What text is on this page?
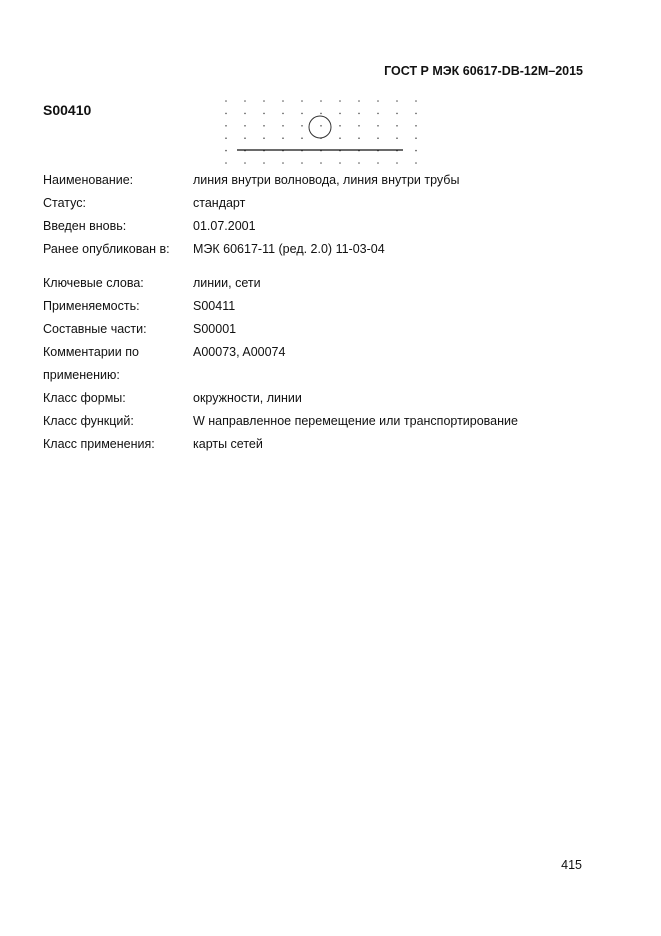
ГОСТ Р МЭК 60617-DB-12M–2015
S00410
Наименование:	линия внутри волновода, линия внутри трубы
Статус:	стандарт
Введен вновь:	01.07.2001
Ранее опубликован в: МЭК 60617-11 (ред. 2.0) 11-03-04
Ключевые слова:	линии, сети
Применяемость:	S00411
Составные части:	S00001
Комментарии по	A00073, A00074
применению:
Класс формы:	окружности, линии
Класс функций:	W направленное перемещение или транспортирование
Класс применения:	карты сетей
415
